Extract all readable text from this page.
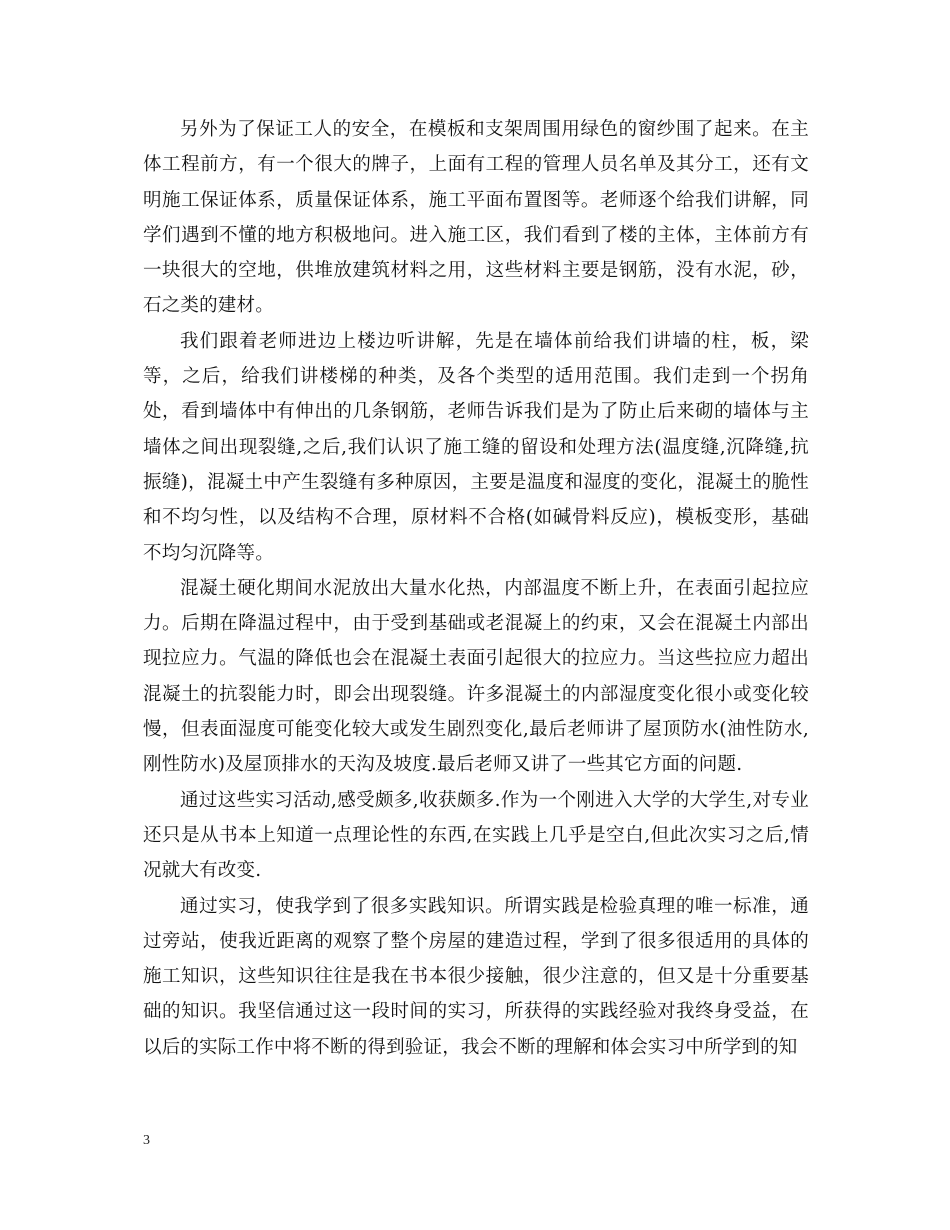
另外为了保证工人的安全，在模板和支架周围用绿色的窗纱围了起来。在主体工程前方，有一个很大的牌子，上面有工程的管理人员名单及其分工，还有文明施工保证体系，质量保证体系，施工平面布置图等。老师逐个给我们讲解，同学们遇到不懂的地方积极地问。进入施工区，我们看到了楼的主体，主体前方有一块很大的空地，供堆放建筑材料之用，这些材料主要是钢筋，没有水泥，砂，石之类的建材。

我们跟着老师进边上楼边听讲解，先是在墙体前给我们讲墙的柱，板，梁等，之后，给我们讲楼梯的种类，及各个类型的适用范围。我们走到一个拐角处，看到墙体中有伸出的几条钢筋，老师告诉我们是为了防止后来砌的墙体与主墙体之间出现裂缝,之后,我们认识了施工缝的留设和处理方法(温度缝,沉降缝,抗振缝)，混凝土中产生裂缝有多种原因，主要是温度和湿度的变化，混凝土的脆性和不均匀性，以及结构不合理，原材料不合格(如碱骨料反应)，模板变形，基础不均匀沉降等。

混凝土硬化期间水泥放出大量水化热，内部温度不断上升，在表面引起拉应力。后期在降温过程中，由于受到基础或老混凝上的约束，又会在混凝土内部出现拉应力。气温的降低也会在混凝土表面引起很大的拉应力。当这些拉应力超出混凝土的抗裂能力时，即会出现裂缝。许多混凝土的内部湿度变化很小或变化较慢，但表面湿度可能变化较大或发生剧烈变化,最后老师讲了屋顶防水(油性防水,刚性防水)及屋顶排水的天沟及坡度.最后老师又讲了一些其它方面的问题.

通过这些实习活动,感受颇多,收获颇多.作为一个刚进入大学的大学生,对专业还只是从书本上知道一点理论性的东西,在实践上几乎是空白,但此次实习之后,情况就大有改变.

通过实习，使我学到了很多实践知识。所谓实践是检验真理的唯一标准，通过旁站，使我近距离的观察了整个房屋的建造过程，学到了很多很适用的具体的施工知识，这些知识往往是我在书本很少接触，很少注意的，但又是十分重要基础的知识。我坚信通过这一段时间的实习，所获得的实践经验对我终身受益，在以后的实际工作中将不断的得到验证，我会不断的理解和体会实习中所学到的知

3
